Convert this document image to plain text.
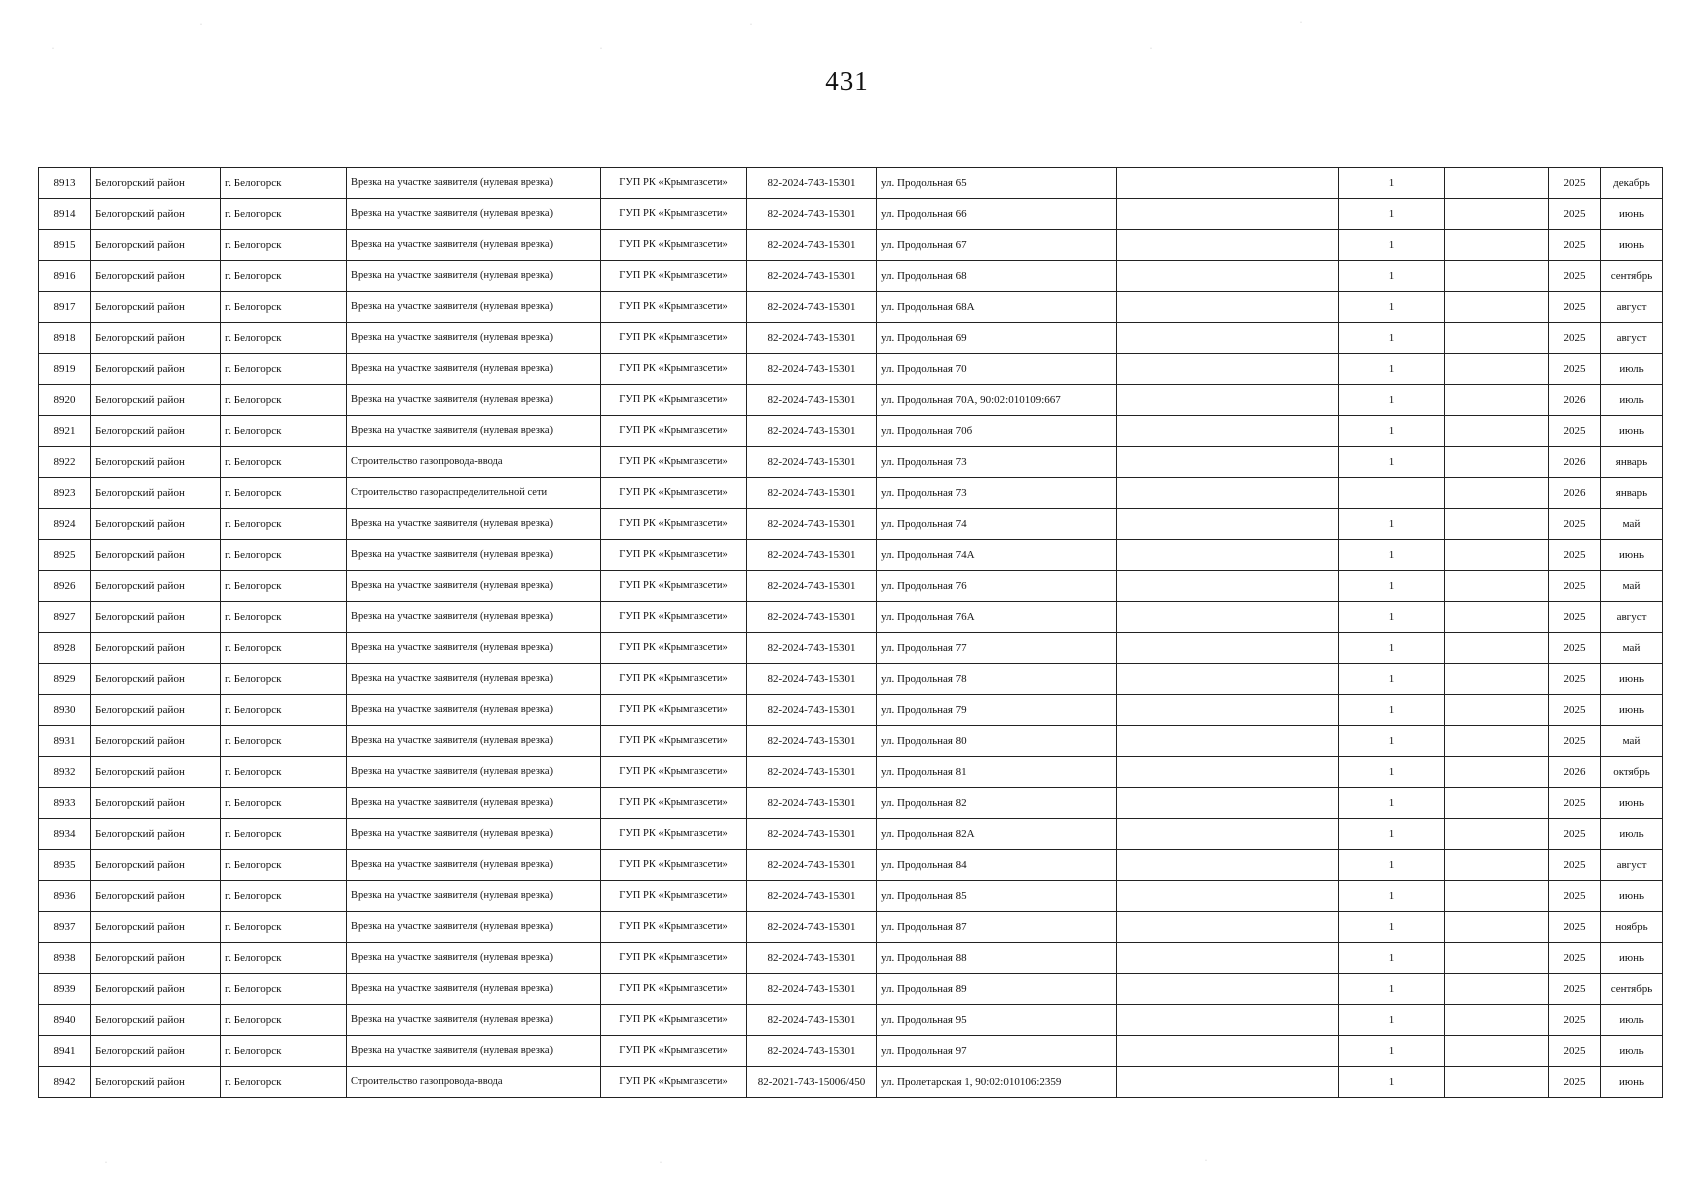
431
·	·	·
·	·	·
·	·	·
8913	Белогорский район	г. Белогорск	Врезка на участке заявителя (нулевая врезка)	ГУП РК «Крымгазсети»	82-2024-743-15301	ул. Продольная 65		1		2025	декабрь
8914	Белогорский район	г. Белогорск	Врезка на участке заявителя (нулевая врезка)	ГУП РК «Крымгазсети»	82-2024-743-15301	ул. Продольная 66		1		2025	июнь
8915	Белогорский район	г. Белогорск	Врезка на участке заявителя (нулевая врезка)	ГУП РК «Крымгазсети»	82-2024-743-15301	ул. Продольная 67		1		2025	июнь
8916	Белогорский район	г. Белогорск	Врезка на участке заявителя (нулевая врезка)	ГУП РК «Крымгазсети»	82-2024-743-15301	ул. Продольная 68		1		2025	сентябрь
8917	Белогорский район	г. Белогорск	Врезка на участке заявителя (нулевая врезка)	ГУП РК «Крымгазсети»	82-2024-743-15301	ул. Продольная 68А		1		2025	август
8918	Белогорский район	г. Белогорск	Врезка на участке заявителя (нулевая врезка)	ГУП РК «Крымгазсети»	82-2024-743-15301	ул. Продольная 69		1		2025	август
8919	Белогорский район	г. Белогорск	Врезка на участке заявителя (нулевая врезка)	ГУП РК «Крымгазсети»	82-2024-743-15301	ул. Продольная 70		1		2025	июль
8920	Белогорский район	г. Белогорск	Врезка на участке заявителя (нулевая врезка)	ГУП РК «Крымгазсети»	82-2024-743-15301	ул. Продольная 70А, 90:02:010109:667		1		2026	июль
8921	Белогорский район	г. Белогорск	Врезка на участке заявителя (нулевая врезка)	ГУП РК «Крымгазсети»	82-2024-743-15301	ул. Продольная 70б		1		2025	июнь
8922	Белогорский район	г. Белогорск	Строительство газопровода-ввода	ГУП РК «Крымгазсети»	82-2024-743-15301	ул. Продольная 73		1		2026	январь
8923	Белогорский район	г. Белогорск	Строительство газораспределительной сети	ГУП РК «Крымгазсети»	82-2024-743-15301	ул. Продольная 73				2026	январь
8924	Белогорский район	г. Белогорск	Врезка на участке заявителя (нулевая врезка)	ГУП РК «Крымгазсети»	82-2024-743-15301	ул. Продольная 74		1		2025	май
8925	Белогорский район	г. Белогорск	Врезка на участке заявителя (нулевая врезка)	ГУП РК «Крымгазсети»	82-2024-743-15301	ул. Продольная 74А		1		2025	июнь
8926	Белогорский район	г. Белогорск	Врезка на участке заявителя (нулевая врезка)	ГУП РК «Крымгазсети»	82-2024-743-15301	ул. Продольная 76		1		2025	май
8927	Белогорский район	г. Белогорск	Врезка на участке заявителя (нулевая врезка)	ГУП РК «Крымгазсети»	82-2024-743-15301	ул. Продольная 76А		1		2025	август
8928	Белогорский район	г. Белогорск	Врезка на участке заявителя (нулевая врезка)	ГУП РК «Крымгазсети»	82-2024-743-15301	ул. Продольная 77		1		2025	май
8929	Белогорский район	г. Белогорск	Врезка на участке заявителя (нулевая врезка)	ГУП РК «Крымгазсети»	82-2024-743-15301	ул. Продольная 78		1		2025	июнь
8930	Белогорский район	г. Белогорск	Врезка на участке заявителя (нулевая врезка)	ГУП РК «Крымгазсети»	82-2024-743-15301	ул. Продольная 79		1		2025	июнь
8931	Белогорский район	г. Белогорск	Врезка на участке заявителя (нулевая врезка)	ГУП РК «Крымгазсети»	82-2024-743-15301	ул. Продольная 80		1		2025	май
8932	Белогорский район	г. Белогорск	Врезка на участке заявителя (нулевая врезка)	ГУП РК «Крымгазсети»	82-2024-743-15301	ул. Продольная 81		1		2026	октябрь
8933	Белогорский район	г. Белогорск	Врезка на участке заявителя (нулевая врезка)	ГУП РК «Крымгазсети»	82-2024-743-15301	ул. Продольная 82		1		2025	июнь
8934	Белогорский район	г. Белогорск	Врезка на участке заявителя (нулевая врезка)	ГУП РК «Крымгазсети»	82-2024-743-15301	ул. Продольная 82А		1		2025	июль
8935	Белогорский район	г. Белогорск	Врезка на участке заявителя (нулевая врезка)	ГУП РК «Крымгазсети»	82-2024-743-15301	ул. Продольная 84		1		2025	август
8936	Белогорский район	г. Белогорск	Врезка на участке заявителя (нулевая врезка)	ГУП РК «Крымгазсети»	82-2024-743-15301	ул. Продольная 85		1		2025	июнь
8937	Белогорский район	г. Белогорск	Врезка на участке заявителя (нулевая врезка)	ГУП РК «Крымгазсети»	82-2024-743-15301	ул. Продольная 87		1		2025	ноябрь
8938	Белогорский район	г. Белогорск	Врезка на участке заявителя (нулевая врезка)	ГУП РК «Крымгазсети»	82-2024-743-15301	ул. Продольная 88		1		2025	июнь
8939	Белогорский район	г. Белогорск	Врезка на участке заявителя (нулевая врезка)	ГУП РК «Крымгазсети»	82-2024-743-15301	ул. Продольная 89		1		2025	сентябрь
8940	Белогорский район	г. Белогорск	Врезка на участке заявителя (нулевая врезка)	ГУП РК «Крымгазсети»	82-2024-743-15301	ул. Продольная 95		1		2025	июль
8941	Белогорский район	г. Белогорск	Врезка на участке заявителя (нулевая врезка)	ГУП РК «Крымгазсети»	82-2024-743-15301	ул. Продольная 97		1		2025	июль
8942	Белогорский район	г. Белогорск	Строительство газопровода-ввода	ГУП РК «Крымгазсети»	82-2021-743-15006/450	ул. Пролетарская 1, 90:02:010106:2359		1		2025	июнь
